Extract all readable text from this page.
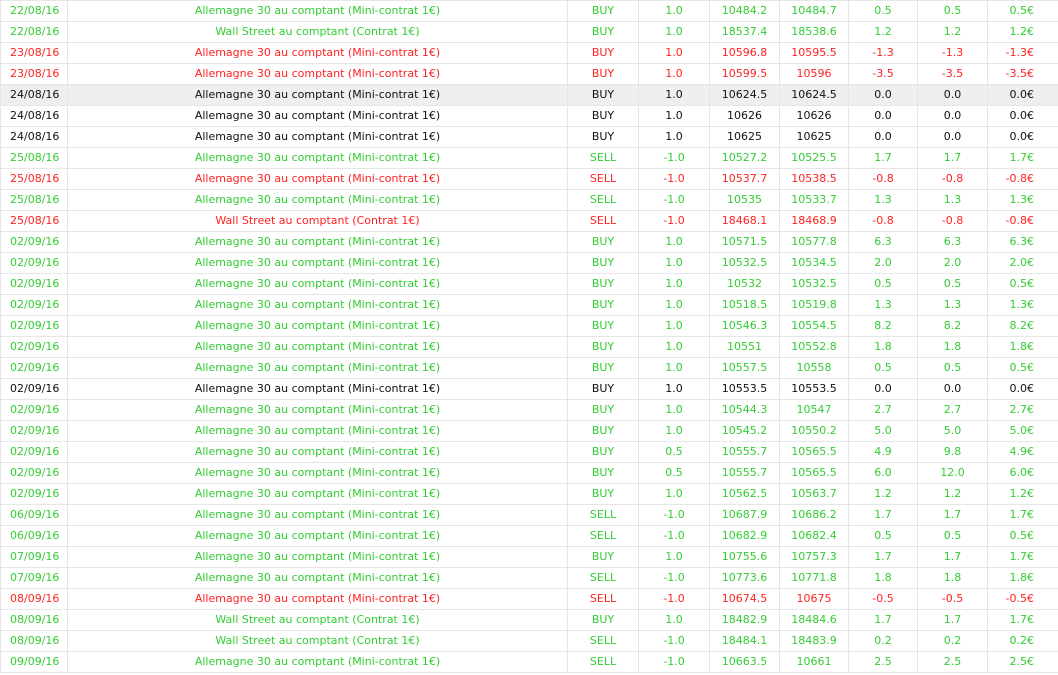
22/08/16	Allemagne 30 au comptant (Mini-contrat 1€)	BUY	1.0	10484.2	10484.7	0.5	0.5	0.5€
22/08/16	Wall Street au comptant (Contrat 1€)	BUY	1.0	18537.4	18538.6	1.2	1.2	1.2€
23/08/16	Allemagne 30 au comptant (Mini-contrat 1€)	BUY	1.0	10596.8	10595.5	-1.3	-1.3	-1.3€
23/08/16	Allemagne 30 au comptant (Mini-contrat 1€)	BUY	1.0	10599.5	10596	-3.5	-3.5	-3.5€
24/08/16	Allemagne 30 au comptant (Mini-contrat 1€)	BUY	1.0	10624.5	10624.5	0.0	0.0	0.0€
24/08/16	Allemagne 30 au comptant (Mini-contrat 1€)	BUY	1.0	10626	10626	0.0	0.0	0.0€
24/08/16	Allemagne 30 au comptant (Mini-contrat 1€)	BUY	1.0	10625	10625	0.0	0.0	0.0€
25/08/16	Allemagne 30 au comptant (Mini-contrat 1€)	SELL	-1.0	10527.2	10525.5	1.7	1.7	1.7€
25/08/16	Allemagne 30 au comptant (Mini-contrat 1€)	SELL	-1.0	10537.7	10538.5	-0.8	-0.8	-0.8€
25/08/16	Allemagne 30 au comptant (Mini-contrat 1€)	SELL	-1.0	10535	10533.7	1.3	1.3	1.3€
25/08/16	Wall Street au comptant (Contrat 1€)	SELL	-1.0	18468.1	18468.9	-0.8	-0.8	-0.8€
02/09/16	Allemagne 30 au comptant (Mini-contrat 1€)	BUY	1.0	10571.5	10577.8	6.3	6.3	6.3€
02/09/16	Allemagne 30 au comptant (Mini-contrat 1€)	BUY	1.0	10532.5	10534.5	2.0	2.0	2.0€
02/09/16	Allemagne 30 au comptant (Mini-contrat 1€)	BUY	1.0	10532	10532.5	0.5	0.5	0.5€
02/09/16	Allemagne 30 au comptant (Mini-contrat 1€)	BUY	1.0	10518.5	10519.8	1.3	1.3	1.3€
02/09/16	Allemagne 30 au comptant (Mini-contrat 1€)	BUY	1.0	10546.3	10554.5	8.2	8.2	8.2€
02/09/16	Allemagne 30 au comptant (Mini-contrat 1€)	BUY	1.0	10551	10552.8	1.8	1.8	1.8€
02/09/16	Allemagne 30 au comptant (Mini-contrat 1€)	BUY	1.0	10557.5	10558	0.5	0.5	0.5€
02/09/16	Allemagne 30 au comptant (Mini-contrat 1€)	BUY	1.0	10553.5	10553.5	0.0	0.0	0.0€
02/09/16	Allemagne 30 au comptant (Mini-contrat 1€)	BUY	1.0	10544.3	10547	2.7	2.7	2.7€
02/09/16	Allemagne 30 au comptant (Mini-contrat 1€)	BUY	1.0	10545.2	10550.2	5.0	5.0	5.0€
02/09/16	Allemagne 30 au comptant (Mini-contrat 1€)	BUY	0.5	10555.7	10565.5	4.9	9.8	4.9€
02/09/16	Allemagne 30 au comptant (Mini-contrat 1€)	BUY	0.5	10555.7	10565.5	6.0	12.0	6.0€
02/09/16	Allemagne 30 au comptant (Mini-contrat 1€)	BUY	1.0	10562.5	10563.7	1.2	1.2	1.2€
06/09/16	Allemagne 30 au comptant (Mini-contrat 1€)	SELL	-1.0	10687.9	10686.2	1.7	1.7	1.7€
06/09/16	Allemagne 30 au comptant (Mini-contrat 1€)	SELL	-1.0	10682.9	10682.4	0.5	0.5	0.5€
07/09/16	Allemagne 30 au comptant (Mini-contrat 1€)	BUY	1.0	10755.6	10757.3	1.7	1.7	1.7€
07/09/16	Allemagne 30 au comptant (Mini-contrat 1€)	SELL	-1.0	10773.6	10771.8	1.8	1.8	1.8€
08/09/16	Allemagne 30 au comptant (Mini-contrat 1€)	SELL	-1.0	10674.5	10675	-0.5	-0.5	-0.5€
08/09/16	Wall Street au comptant (Contrat 1€)	BUY	1.0	18482.9	18484.6	1.7	1.7	1.7€
08/09/16	Wall Street au comptant (Contrat 1€)	SELL	-1.0	18484.1	18483.9	0.2	0.2	0.2€
09/09/16	Allemagne 30 au comptant (Mini-contrat 1€)	SELL	-1.0	10663.5	10661	2.5	2.5	2.5€
